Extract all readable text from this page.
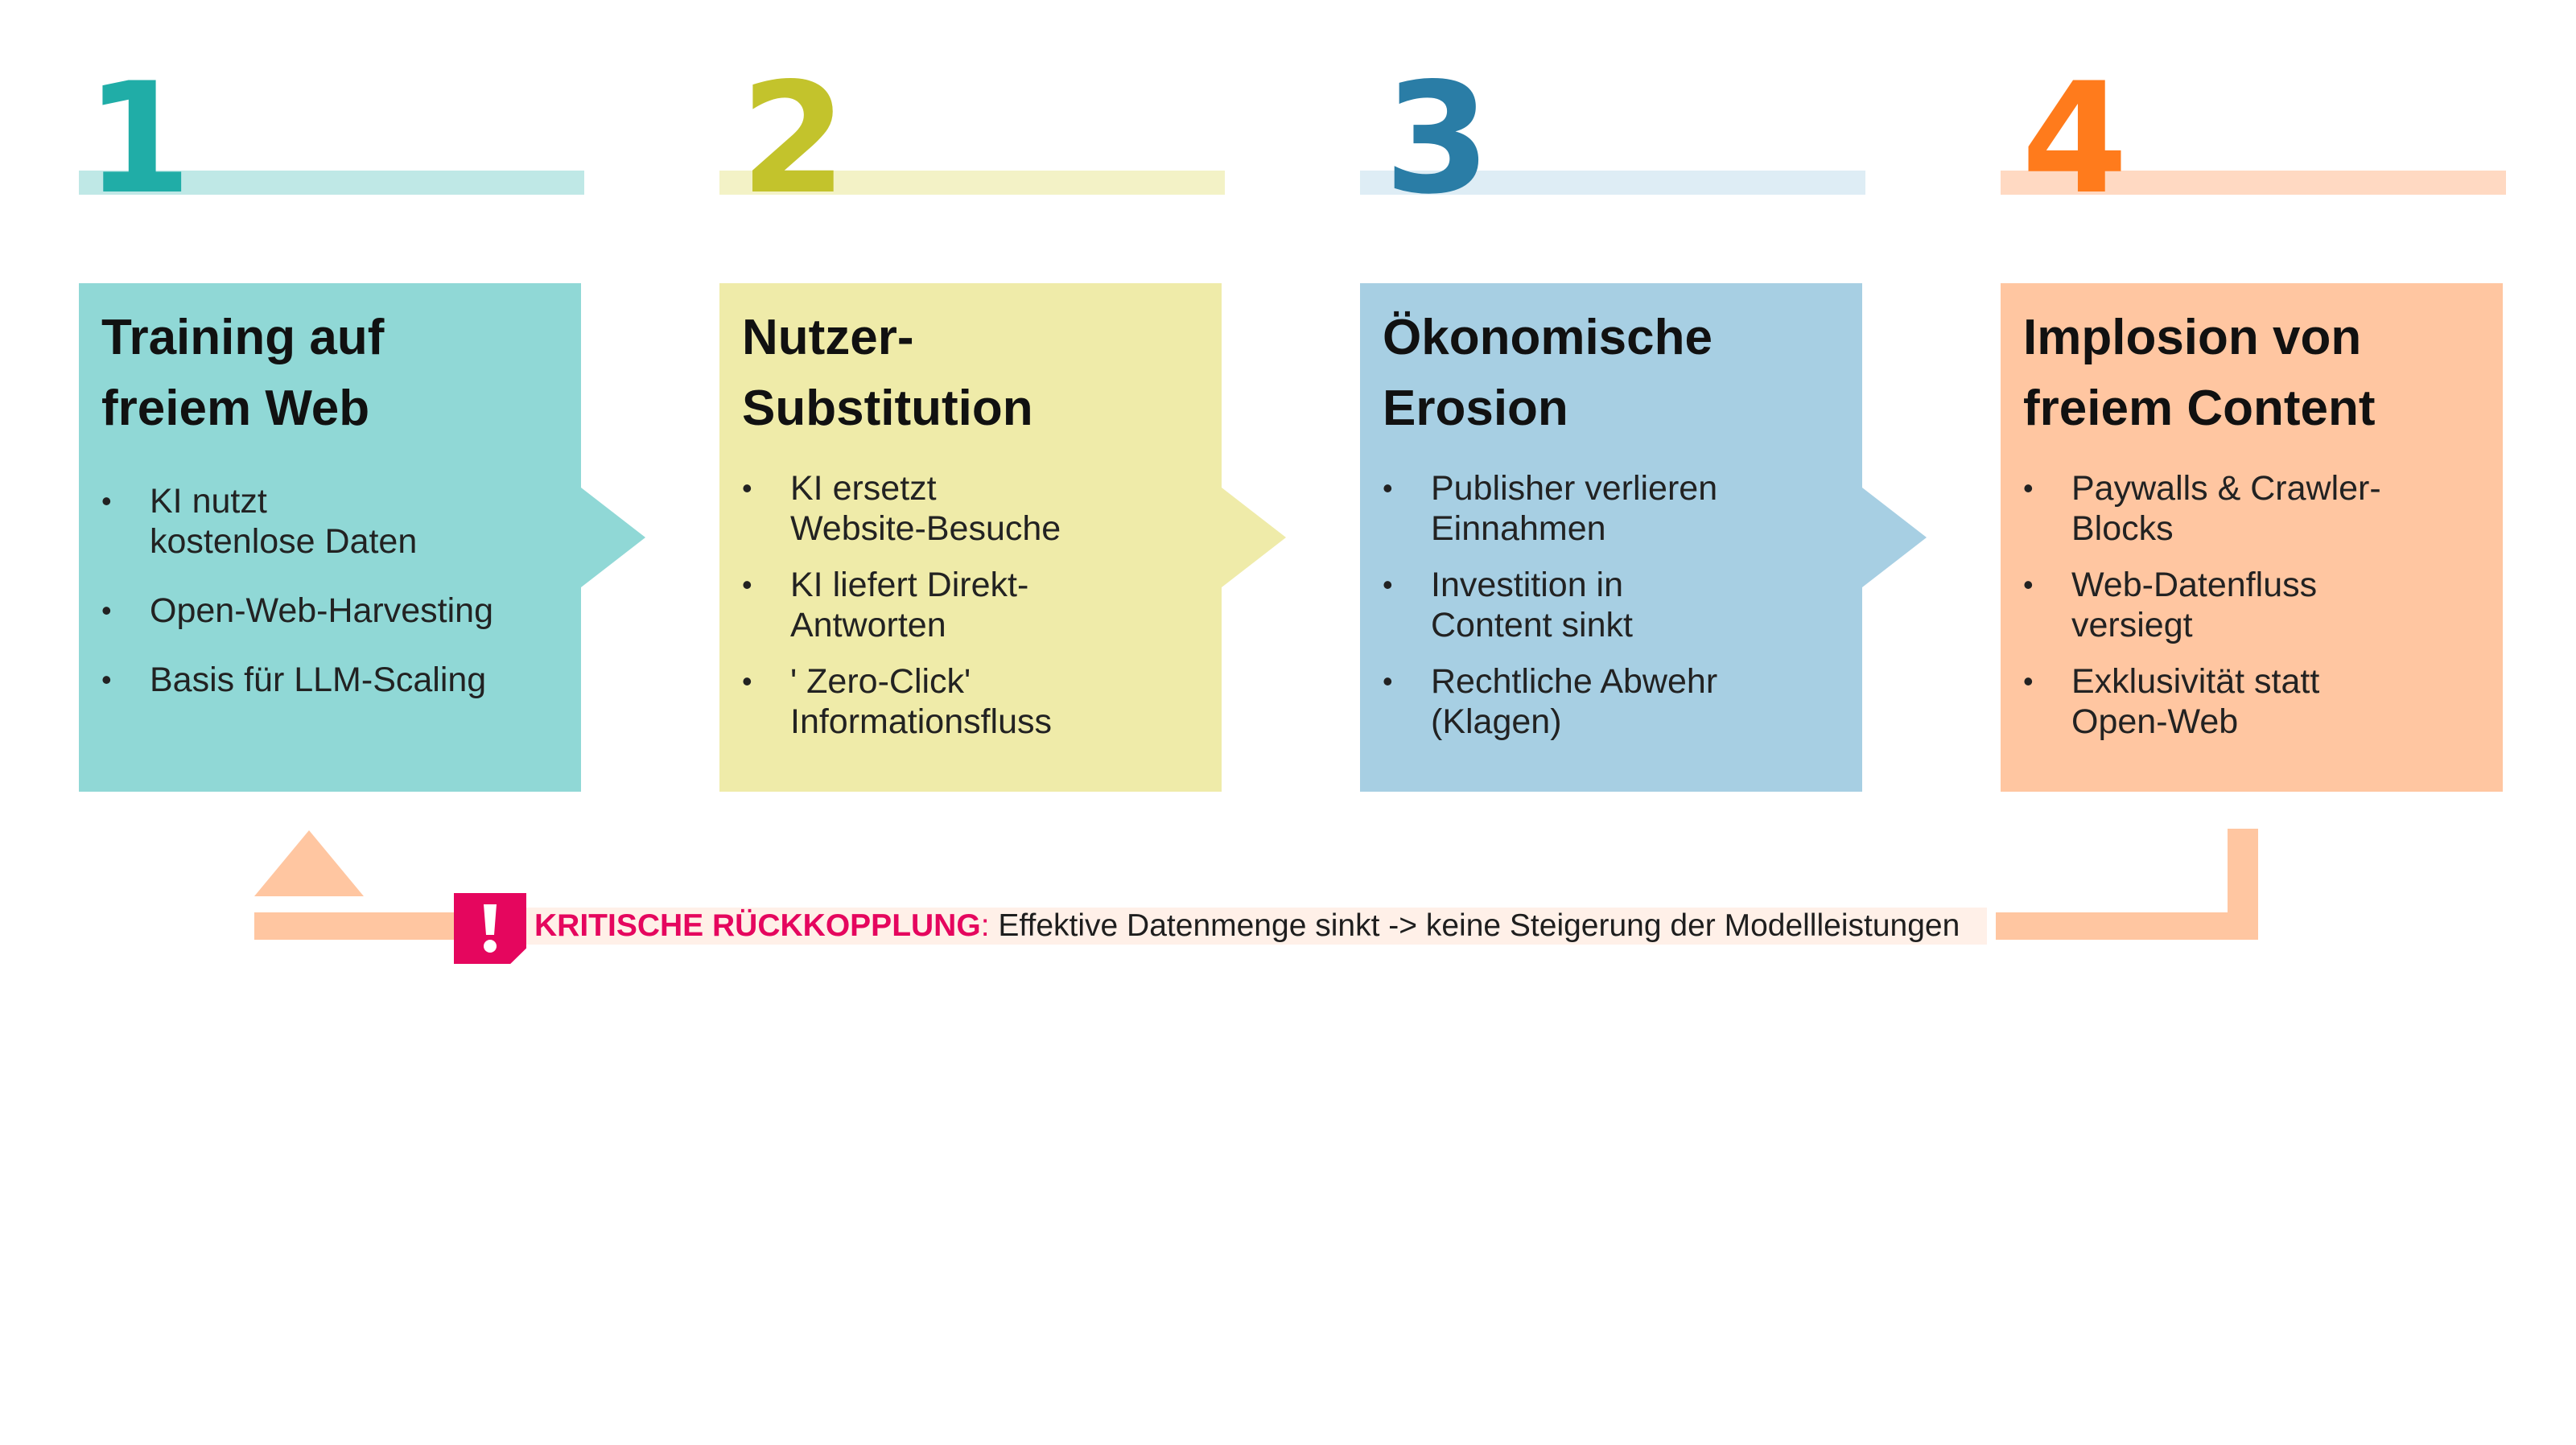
1	2	3	4
Training auf
freiem Web
• KI nutzt
kostenlose Daten
• Open-Web-Harvesting
• Basis für LLM-Scaling
Nutzer-
Substitution
• KI ersetzt
Website-Besuche
• KI liefert Direkt-
Antworten
• ' Zero-Click'
Informationsfluss
Ökonomische
Erosion
• Publisher verlieren
Einnahmen
• Investition in
Content sinkt
• Rechtliche Abwehr
(Klagen)
Implosion von
freiem Content
• Paywalls & Crawler-
Blocks
• Web-Datenfluss
versiegt
• Exklusivität statt
Open-Web
KRITISCHE RÜCKKOPPLUNG: Effektive Datenmenge sinkt -> keine Steigerung der Modellleistungen
